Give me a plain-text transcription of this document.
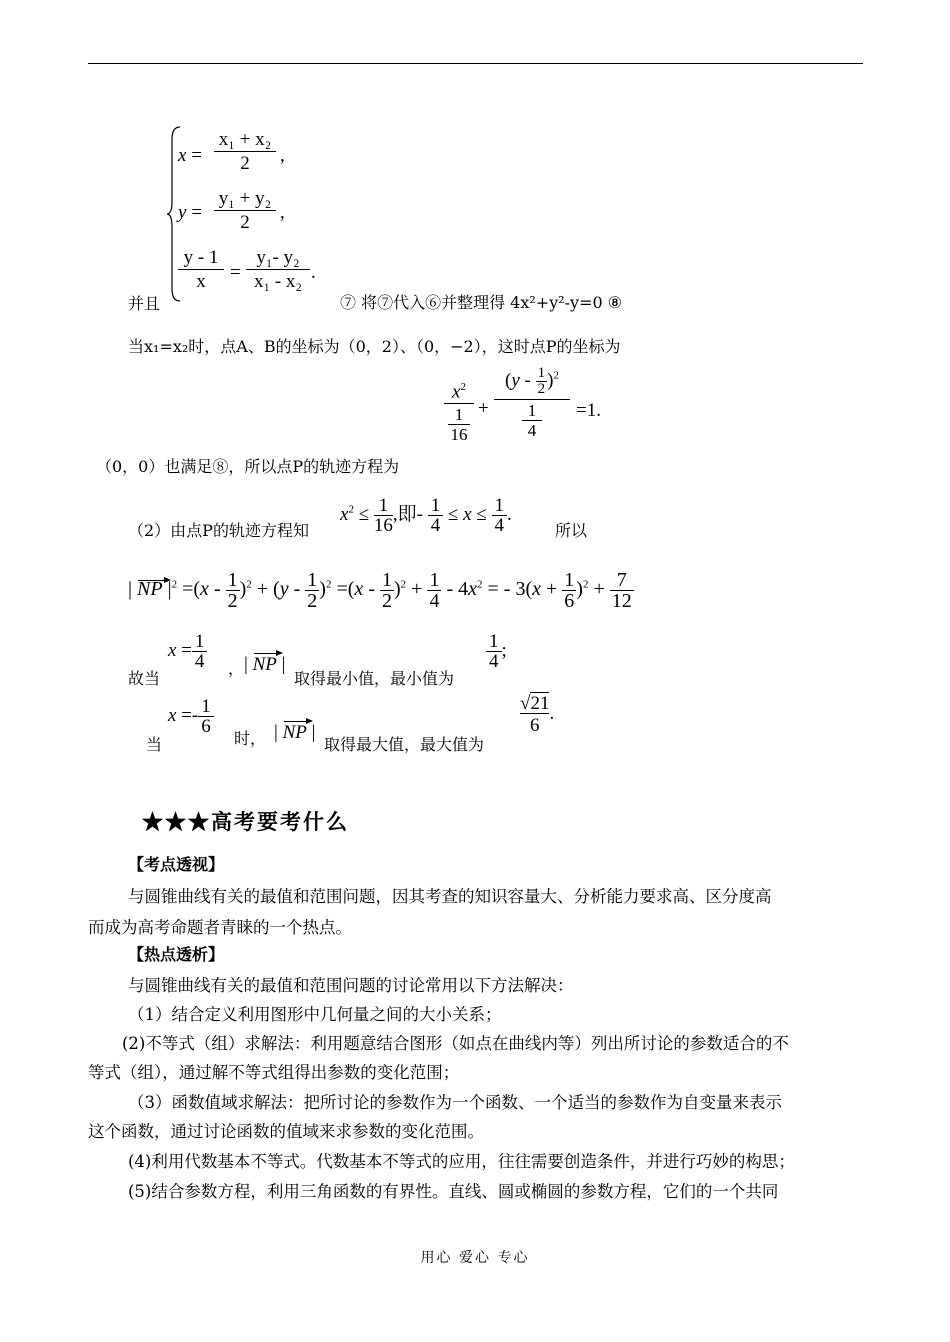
x =
x₁ + x₂
2	,
y =
y₁ + y₂
2	,
y - 1
x	=
y₁- y₂
x₁ - x₂ .
并且	⑦ 将⑦代入⑥并整理得 4x²+y²-y=0 ⑧
当x₁=x₂时，点A、B的坐标为（0，2）、（0，−2），这时点P的坐标为
$x^2$
1
16
+
$(y - \frac{1}{2} )^2$
1
4
=1.
（0，0）也满足⑧，所以点P的轨迹方程为
$x^2 \le \frac{1}{16}$ ,即- $\frac{1}{4} \le x \le \frac{1}{4}$ .
（2）由点P的轨迹方程知	所以
| NP $|^2 =(x - \frac{1}{2} )^2 + (y - \frac{1}{2} )^2 =(x - \frac{1}{2} )^2 + \frac{1}{4} - 4x^2$ = - $3(x + \frac{1}{6} )^2 + \frac{7}{12}$
故当
$x = \frac{1}{4}$ ， | NP |
取得最小值，最小值为
$\frac{1}{4}$ ;
当
$x =- \frac{1}{6}$
时， | NP |
取得最大值，最大值为
$\frac{√21}{6}$ .
★★★高考要考什么
【考点透视】
与圆锥曲线有关的最值和范围问题，因其考查的知识容量大、分析能力要求高、区分度高
而成为高考命题者青睐的一个热点。
【热点透析】
与圆锥曲线有关的最值和范围问题的讨论常用以下方法解决：
（1）结合定义利用图形中几何量之间的大小关系；
(2)不等式（组）求解法：利用题意结合图形（如点在曲线内等）列出所讨论的参数适合的不
等式（组），通过解不等式组得出参数的变化范围；
（3）函数值域求解法：把所讨论的参数作为一个函数、一个适当的参数作为自变量来表示
这个函数，通过讨论函数的值域来求参数的变化范围。
(4)利用代数基本不等式。代数基本不等式的应用，往往需要创造条件，并进行巧妙的构思；
(5)结合参数方程，利用三角函数的有界性。直线、圆或椭圆的参数方程，它们的一个共同
用心 爱心 专心
